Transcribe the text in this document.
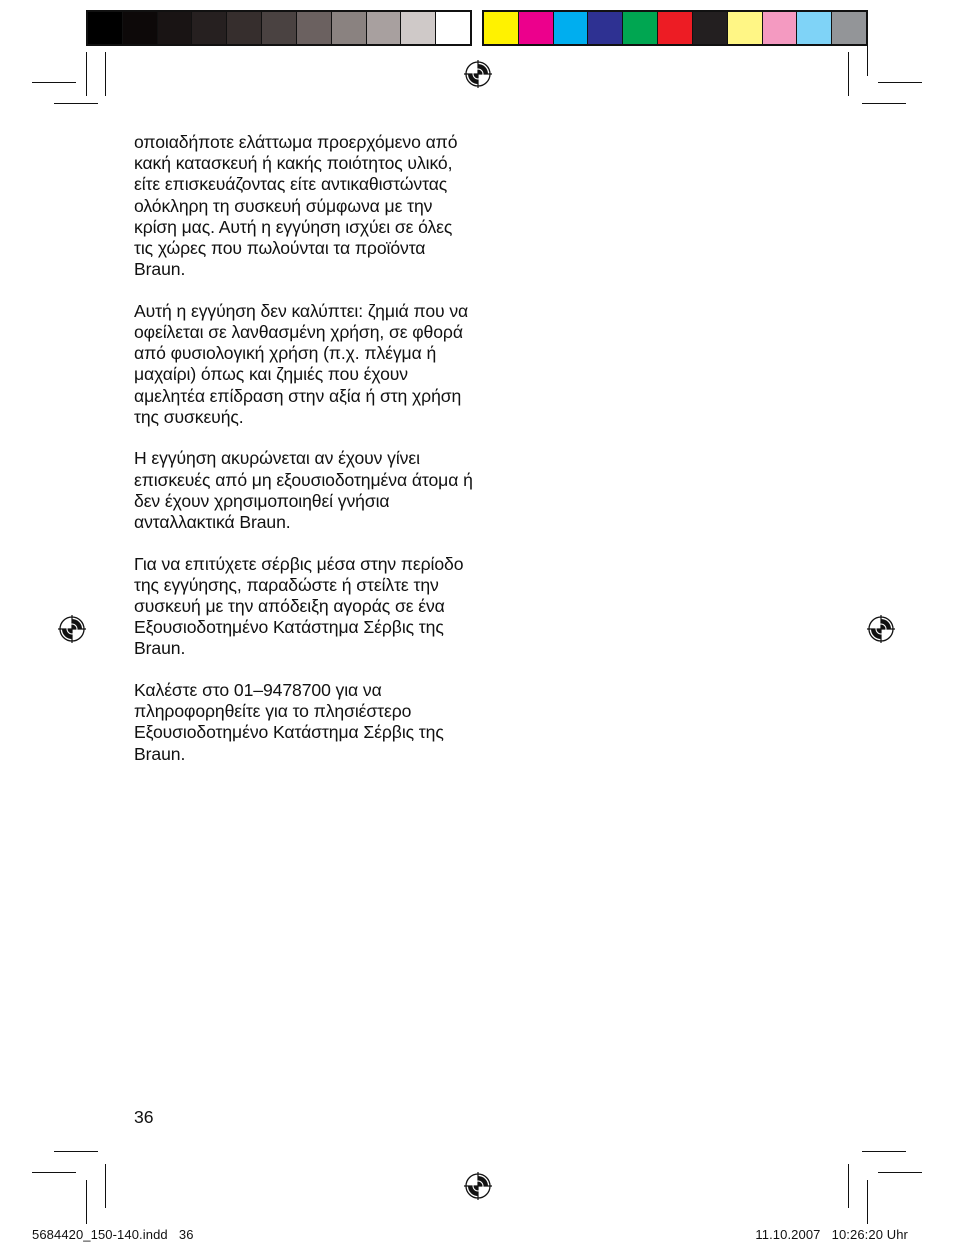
οποιαδήποτε ελάττωμα προερχόμενο από κακή κατασκευή ή κακής ποιότητος υλικό, είτε επισκευάζοντας είτε αντικαθιστώντας ολόκληρη τη συσκευή σύμφωνα με την κρίση μας. Αυτή η εγγύηση ισχύει σε όλες τις χώρες που πωλούνται τα προϊόντα Braun.

Αυτή η εγγύηση δεν καλύπτει: ζημιά που να οφείλεται σε λανθασμένη χρήση, σε φθορά από φυσιολογική χρήση (π.χ. πλέγμα ή μαχαίρι) όπως και ζημιές που έχουν αμελητέα επίδραση στην αξία ή στη χρήση της συσκευής.

Η εγγύηση ακυρώνεται αν έχουν γίνει επισκευές από μη εξουσιοδοτημένα άτομα ή δεν έχουν χρησιμοποιηθεί γνήσια ανταλλακτικά Braun.

Για να επιτύχετε σέρβις μέσα στην περίοδο της εγγύησης, παραδώστε ή στείλτε την συσκευή με την απόδειξη αγοράς σε ένα Εξουσιοδοτημένο Κατάστημα Σέρβις της Braun.

Καλέστε στο 01–9478700 για να πληροφορηθείτε για το πλησιέστερο Εξουσιοδοτημένο Κατάστημα Σέρβις της Braun.

36
5684420_150-140.indd   36	11.10.2007   10:26:20 Uhr
